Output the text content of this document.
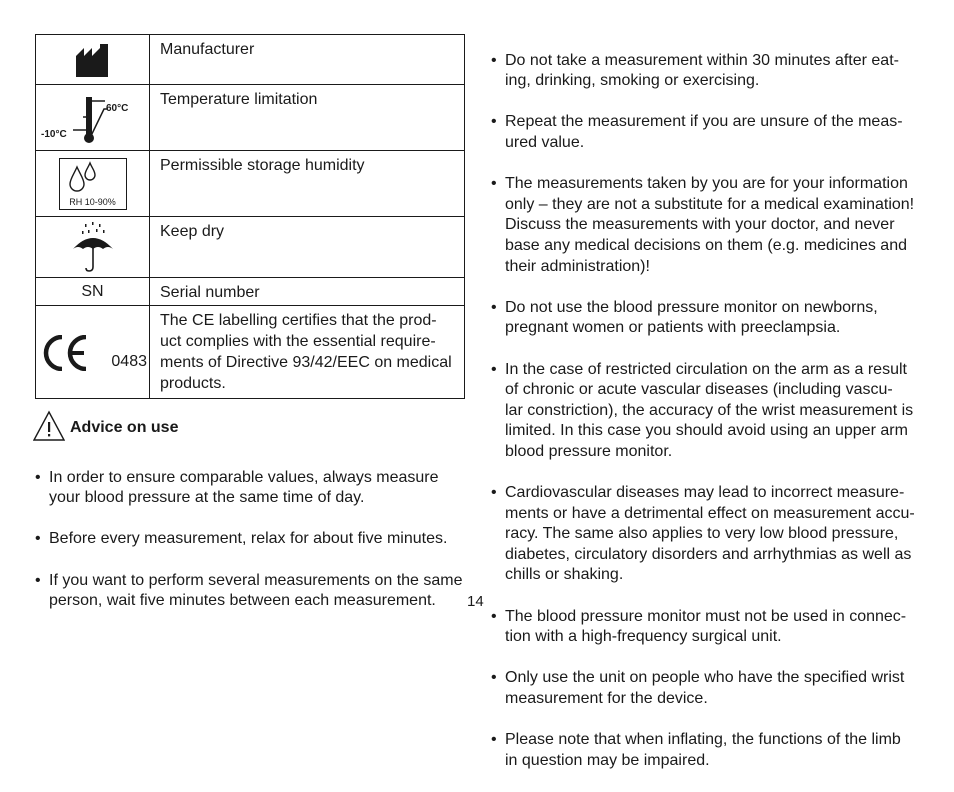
	Manufacturer

60°C
-10°C	Temperature limitation

RH 10-90%	Permissible storage humidity

	Keep dry
SN	Serial number

0483	The CE labelling certifies that the prod-
uct complies with the essential require-
ments of Directive 93/42/EEC on medical
products.
Advice on use

• In order to ensure comparable values, always measure
your blood pressure at the same time of day.

• Before every measurement, relax for about five minutes.

• If you want to perform several measurements on the same
person, wait five minutes between each measurement.

• Do not take a measurement within 30 minutes after eat-
ing, drinking, smoking or exercising.

• Repeat the measurement if you are unsure of the meas-
ured value.

• The measurements taken by you are for your information
only – they are not a substitute for a medical examination!
Discuss the measurements with your doctor, and never
base any medical decisions on them (e.g. medicines and
their administration)!

• Do not use the blood pressure monitor on newborns,
pregnant women or patients with preeclampsia.

• In the case of restricted circulation on the arm as a result
of chronic or acute vascular diseases (including vascu-
lar constriction), the accuracy of the wrist measurement is
limited. In this case you should avoid using an upper arm
blood pressure monitor.

• Cardiovascular diseases may lead to incorrect measure-
ments or have a detrimental effect on measurement accu-
racy. The same also applies to very low blood pressure,
diabetes, circulatory disorders and arrhythmias as well as
chills or shaking.

• The blood pressure monitor must not be used in connec-
tion with a high-frequency surgical unit.

• Only use the unit on people who have the specified wrist
measurement for the device.

• Please note that when inflating, the functions of the limb
in question may be impaired.

14
